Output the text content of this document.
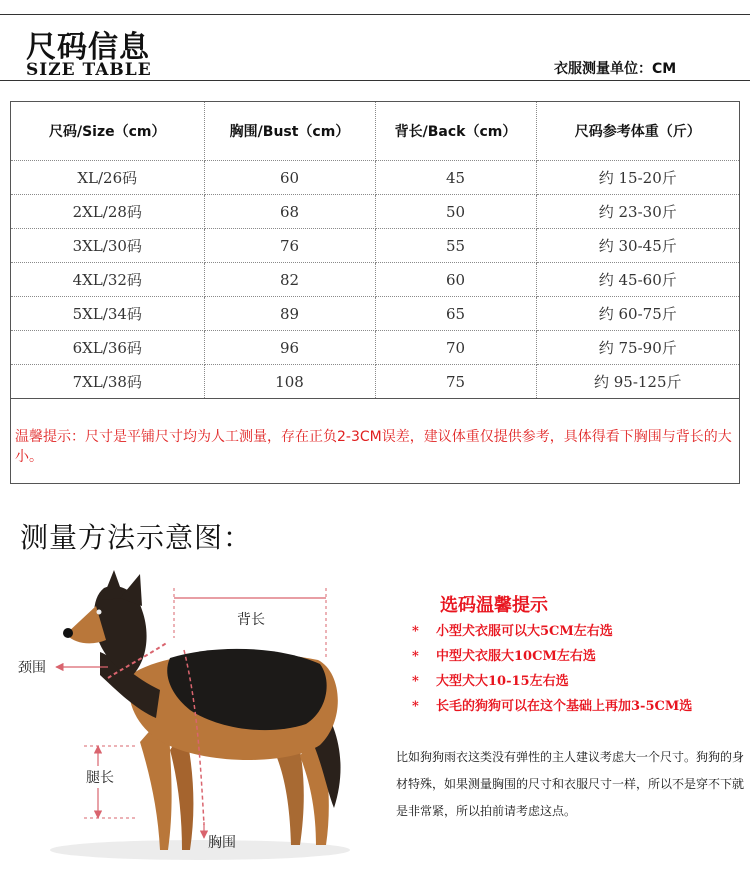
尺码信息
SIZE TABLE	衣服测量单位：CM
尺码/Size（cm）	胸围/Bust（cm）	背长/Back（cm）	尺码参考体重（斤）
XL/26码	60	45	约 15-20斤
2XL/28码	68	50	约 23-30斤
3XL/30码	76	55	约 30-45斤
4XL/32码	82	60	约 45-60斤
5XL/34码	89	65	约 60-75斤
6XL/36码	96	70	约 75-90斤
7XL/38码	108	75	约 95-125斤
温馨提示：尺寸是平铺尺寸均为人工测量，存在正负2-3CM误差，建议体重仅提供参考，具体得看下胸围与背长的大小。
测量方法示意图：
背长
颈围
胸围
腿长
选码温馨提示
* 小型犬衣服可以大5CM左右选
* 中型犬衣服大10CM左右选
* 大型犬大10-15左右选
* 长毛的狗狗可以在这个基础上再加3-5CM选

比如狗狗雨衣这类没有弹性的主人建议考虑大一个尺寸。狗狗的身材特殊，如果测量胸围的尺寸和衣服尺寸一样，所以不是穿不下就是非常紧，所以拍前请考虑这点。
